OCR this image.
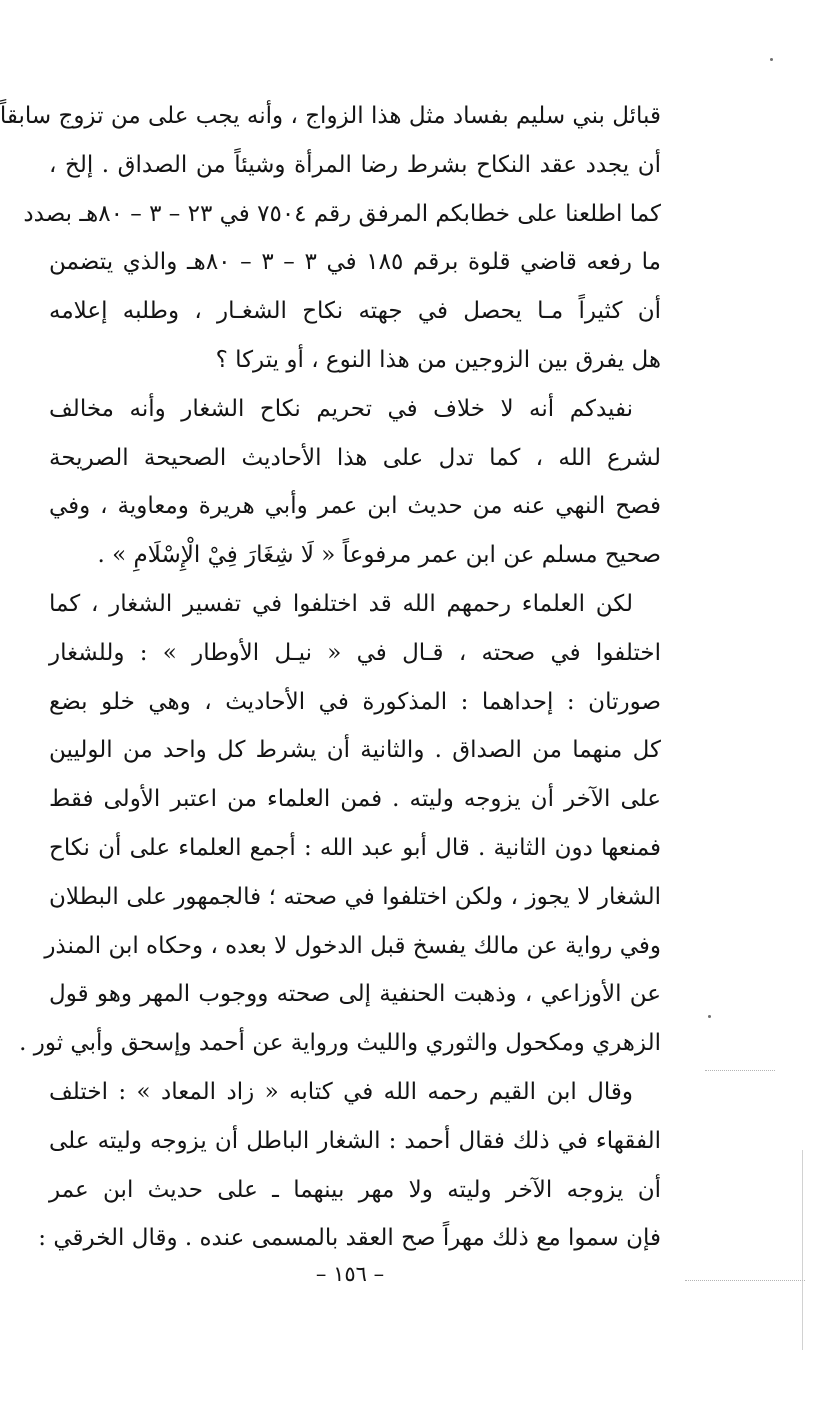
قبائل بني سليم بفساد مثل هذا الزواج ، وأنه يجب على من تزوج سابقاً
أن يجدد عقد النكاح بشرط رضا المرأة وشيئاً من الصداق . إلخ ،
كما اطلعنا على خطابكم المرفق رقم ٧٥٠٤ في ٢٣ – ٣ – ٨٠هـ بصدد
ما رفعه قاضي قلوة برقم ١٨٥ في ٣ – ٣ – ٨٠هـ والذي يتضمن
أن كثيراً مـا يحصل في جهته نكاح الشغـار ، وطلبه إعلامه
هل يفرق بين الزوجين من هذا النوع ، أو يتركا ؟
نفيدكم أنه لا خلاف في تحريم نكاح الشغار وأنه مخالف
لشرع الله ، كما تدل على هذا الأحاديث الصحيحة الصريحة
فصح النهي عنه من حديث ابن عمر وأبي هريرة ومعاوية ، وفي
صحيح مسلم عن ابن عمر مرفوعاً « لَا شِغَارَ فِيْ الْإِسْلَامِ » .
لكن العلماء رحمهم الله قد اختلفوا في تفسير الشغار ، كما
اختلفوا في صحته ، قـال في « نيـل الأوطار » : وللشغار
صورتان : إحداهما : المذكورة في الأحاديث ، وهي خلو بضع
كل منهما من الصداق . والثانية أن يشرط كل واحد من الوليين
على الآخر أن يزوجه وليته . فمن العلماء من اعتبر الأولى فقط
فمنعها دون الثانية . قال أبو عبد الله : أجمع العلماء على أن نكاح
الشغار لا يجوز ، ولكن اختلفوا في صحته ؛ فالجمهور على البطلان
وفي رواية عن مالك يفسخ قبل الدخول لا بعده ، وحكاه ابن المنذر
عن الأوزاعي ، وذهبت الحنفية إلى صحته ووجوب المهر وهو قول
الزهري ومكحول والثوري والليث ورواية عن أحمد وإسحق وأبي ثور .
وقال ابن القيم رحمه الله في كتابه « زاد المعاد » : اختلف
الفقهاء في ذلك فقال أحمد : الشغار الباطل أن يزوجه وليته على
أن يزوجه الآخر وليته ولا مهر بينهما ـ على حديث ابن عمر
فإن سموا مع ذلك مهراً صح العقد بالمسمى عنده . وقال الخرقي :
– ١٥٦ –
